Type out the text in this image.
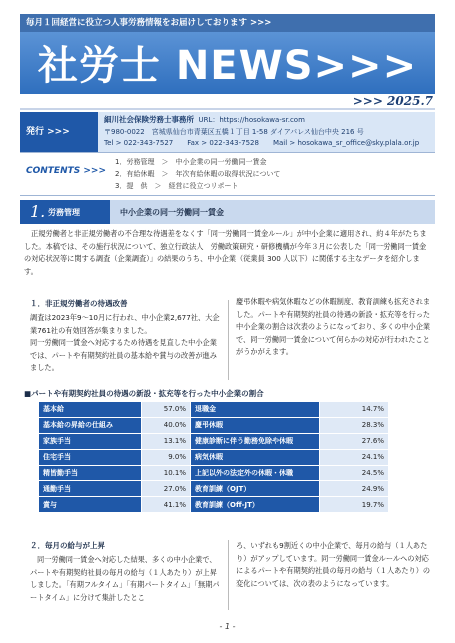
毎月１回経営に役立つ人事労務情報をお届けしております >>>
社労士 NEWS>>>
>>> 2025.7
発行 >>>
細川社会保険労務士事務所 URL：https://hosokawa-sr.com
〒980-0022　宮城県仙台市青葉区五橋１丁目 1-58 ダイアパレス仙台中央 216 号
Tel > 022-343-7527　　Fax > 022-343-7528　　Mail > hosokawa_sr_office@sky.plala.or.jp
CONTENTS >>>
1．労務管理　＞　中小企業の同一労働同一賃金
2．有給休暇　＞　年次有給休暇の取得状況について
3．提　供　＞　経営に役立つリポート
1. 労務管理	中小企業の同一労働同一賃金
正規労働者と非正規労働者の不合理な待遇差をなくす「同一労働同一賃金ルール」が中小企業に適用され、約４年がたちました。本稿では、その施行状況について、独立行政法人　労働政策研究・研修機構が今年３月に公表した「同一労働同一賃金の対応状況等に関する調査（企業調査）」の結果のうち、中小企業（従業員 300 人以下）に関係する主なデータを紹介します。
１．非正規労働者の待遇改善
調査は2023年9～10月に行われ、中小企業2,677社、大企業761社の有効回答が集まりました。
同一労働同一賃金へ対応するため待遇を見直した中小企業では、パートや有期契約社員の基本給や賞与の改善が進みました。
慶弔休暇や病気休暇などの休暇制度、教育訓練も拡充されました。パートや有期契約社員の待遇の新設・拡充等を行った中小企業の割合は次表のようになっており、多くの中小企業で、同一労働同一賃金について何らかの対応が行われたことがうかがえます。
■パートや有期契約社員の待遇の新設・拡充等を行った中小企業の割合
基本給	57.0%	退職金	14.7%
基本給の昇給の仕組み	40.0%	慶弔休暇	28.3%
家族手当	13.1%	健康診断に伴う勤務免除や休暇	27.6%
住宅手当	9.0%	病気休暇	24.1%
精皆勤手当	10.1%	上記以外の法定外の休暇・休職	24.5%
通勤手当	27.0%	教育訓練（OJT）	24.9%
賞与	41.1%	教育訓練（Off-JT）	19.7%
２．毎月の給与が上昇
同一労働同一賃金へ対応した結果、多くの中小企業で、パートや有期契約社員の毎月の給与（１人あたり）が上昇しました。「有期フルタイム」「有期パートタイム」「無期パートタイム」に分けて集計したとこ
ろ、いずれも9割近くの中小企業で、毎月の給与（１人あたり）がアップしています。同一労働同一賃金ルールへの対応によるパートや有期契約社員の毎月の給与（１人あたり）の変化については、次の表のようになっています。
- 1 -
